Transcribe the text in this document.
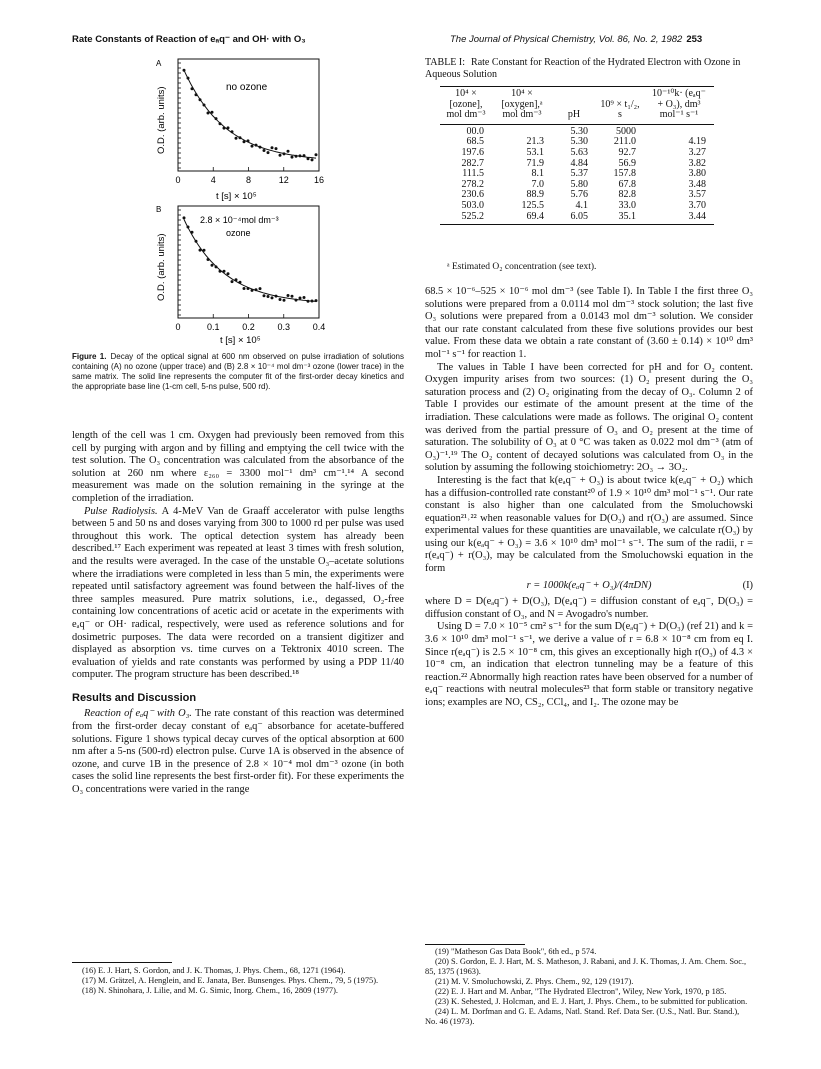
Rate Constants of Reaction of eₐq⁻ and OH· with O₃	The Journal of Physical Chemistry, Vol. 86, No. 2, 1982 253
A
no ozone
O.D. (arb. units)
0	4	8	12	16
t [s] × 10⁵
B
2.8 × 10⁻⁴mol dm⁻³
ozone
O.D. (arb. units)
0	0.1	0.2	0.3	0.4
t [s] × 10⁵
Figure 1. Decay of the optical signal at 600 nm observed on pulse irradiation of solutions containing (A) no ozone (upper trace) and (B) 2.8 × 10⁻⁴ mol dm⁻³ ozone (lower trace) in the same matrix. The solid line represents the computer fit of the first-order decay kinetics and the appropriate base line (1-cm cell, 5-ns pulse, 500 rd).
TABLE I: Rate Constant for Reaction of the Hydrated Electron with Ozone in Aqueous Solution
10⁴ × [ozone], mol dm⁻³	10⁴ × [oxygen],ᵃ mol dm⁻³	pH	10⁹ × t₁/₂, s	10⁻¹⁰k· (eₐq⁻ + O₃), dm³ mol⁻¹ s⁻¹
00.0		5.30	5000	
68.5	21.3	5.30	211.0	4.19
197.6	53.1	5.63	92.7	3.27
282.7	71.9	4.84	56.9	3.82
111.5	8.1	5.37	157.8	3.80
278.2	7.0	5.80	67.8	3.48
230.6	88.9	5.76	82.8	3.57
503.0	125.5	4.1	33.0	3.70
525.2	69.4	6.05	35.1	3.44
ᵃ Estimated O₂ concentration (see text).

length of the cell was 1 cm. Oxygen had previously been removed from this cell by purging with argon and by filling and emptying the cell twice with the test solution. The O₃ concentration was calculated from the absorbance of the solution at 260 nm where ε₂₆₀ = 3300 mol⁻¹ dm³ cm⁻¹.¹⁴ A second measurement was made on the solution remaining in the syringe at the completion of the irradiation.

Pulse Radiolysis. A 4-MeV Van de Graaff accelerator with pulse lengths between 5 and 50 ns and doses varying from 300 to 1000 rd per pulse was used throughout this work. The optical detection system has already been described.¹⁷ Each experiment was repeated at least 3 times with fresh solution, and the results were averaged. In the case of the unstable O₃–acetate solutions where the irradiations were completed in less than 5 min, the experiments were repeated until satisfactory agreement was found between the half-lives of the three samples measured. Pure matrix solutions, i.e., degassed, O₂-free containing low concentrations of acetic acid or acetate in the experiments with eₐq⁻ or OH· radical, respectively, were used as reference solutions and for dosimetric purposes. The data were recorded on a transient digitizer and displayed as absorption vs. time curves on a Tektronix 4010 screen. The evaluation of yields and rate constants was performed by using a PDP 11/40 computer. The program structure has been described.¹⁸

Results and Discussion

Reaction of eₐq⁻ with O₃. The rate constant of this reaction was determined from the first-order decay constant of eₐq⁻ absorbance for acetate-buffered solutions. Figure 1 shows typical decay curves of the optical absorption at 600 nm after a 5-ns (500-rd) electron pulse. Curve 1A is observed in the absence of ozone, and curve 1B in the presence of 2.8 × 10⁻⁴ mol dm⁻³ ozone (in both cases the solid line represents the best first-order fit). For these experiments the O₃ concentrations were varied in the range

68.5 × 10⁻⁶–525 × 10⁻⁶ mol dm⁻³ (see Table I). In Table I the first three O₃ solutions were prepared from a 0.0114 mol dm⁻³ stock solution; the last five O₃ solutions were prepared from a 0.0143 mol dm⁻³ solution. We consider that our rate constant calculated from these five solutions provides our best value. From these data we obtain a rate constant of (3.60 ± 0.14) × 10¹⁰ dm³ mol⁻¹ s⁻¹ for reaction 1.

The values in Table I have been corrected for pH and for O₂ content. Oxygen impurity arises from two sources: (1) O₂ present during the O₃ saturation process and (2) O₂ originating from the decay of O₃. Column 2 of Table I provides our estimate of the amount present at the time of the irradiation. These calculations were made as follows. The original O₂ content was derived from the partial pressure of O₃ and O₂ present at the time of saturation. The solubility of O₃ at 0 °C was taken as 0.022 mol dm⁻³ (atm of O₃)⁻¹.¹⁹ The O₂ content of decayed solutions was calculated from O₃ in the solution by assuming the following stoichiometry: 2O₃ → 3O₂.

Interesting is the fact that k(eₐq⁻ + O₃) is about twice k(eₐq⁻ + O₂) which has a diffusion-controlled rate constant²⁰ of 1.9 × 10¹⁰ dm³ mol⁻¹ s⁻¹. Our rate constant is also higher than one calculated from the Smoluchowski equation²¹˒²² when reasonable values for D(O₃) and r(O₃) are assumed. Since experimental values for these quantities are unavailable, we calculate r(O₃) by using our k(eₐq⁻ + O₃) = 3.6 × 10¹⁰ dm³ mol⁻¹ s⁻¹. The sum of the radii, r = r(eₐq⁻) + r(O₃), may be calculated from the Smoluchowski equation in the form

r = 1000k(eₐq⁻ + O₃)/(4πDN)	(I)

where D = D(eₐq⁻) + D(O₃), D(eₐq⁻) = diffusion constant of eₐq⁻, D(O₃) = diffusion constant of O₃, and N = Avogadro's number.

Using D = 7.0 × 10⁻⁵ cm² s⁻¹ for the sum D(eₐq⁻) + D(O₃) (ref 21) and k = 3.6 × 10¹⁰ dm³ mol⁻¹ s⁻¹, we derive a value of r = 6.8 × 10⁻⁸ cm from eq I. Since r(eₐq⁻) is 2.5 × 10⁻⁸ cm, this gives an exceptionally high r(O₃) of 4.3 × 10⁻⁸ cm, an indication that electron tunneling may be a feature of this reaction.²² Abnormally high reaction rates have been observed for a number of eₐq⁻ reactions with neutral molecules²³ that form stable or transitory negative ions; examples are NO, CS₂, CCl₄, and I₂. The ozone may be

(16) E. J. Hart, S. Gordon, and J. K. Thomas, J. Phys. Chem., 68, 1271 (1964).

(17) M. Grätzel, A. Henglein, and E. Janata, Ber. Bunsenges. Phys. Chem., 79, 5 (1975).

(18) N. Shinohara, J. Lilie, and M. G. Simic, Inorg. Chem., 16, 2809 (1977).

(19) "Matheson Gas Data Book", 6th ed., p 574.

(20) S. Gordon, E. J. Hart, M. S. Matheson, J. Rabani, and J. K. Thomas, J. Am. Chem. Soc., 85, 1375 (1963).

(21) M. V. Smoluchowski, Z. Phys. Chem., 92, 129 (1917).

(22) E. J. Hart and M. Anbar, "The Hydrated Electron", Wiley, New York, 1970, p 185.

(23) K. Sehested, J. Holcman, and E. J. Hart, J. Phys. Chem., to be submitted for publication.

(24) L. M. Dorfman and G. E. Adams, Natl. Stand. Ref. Data Ser. (U.S., Natl. Bur. Stand.), No. 46 (1973).
